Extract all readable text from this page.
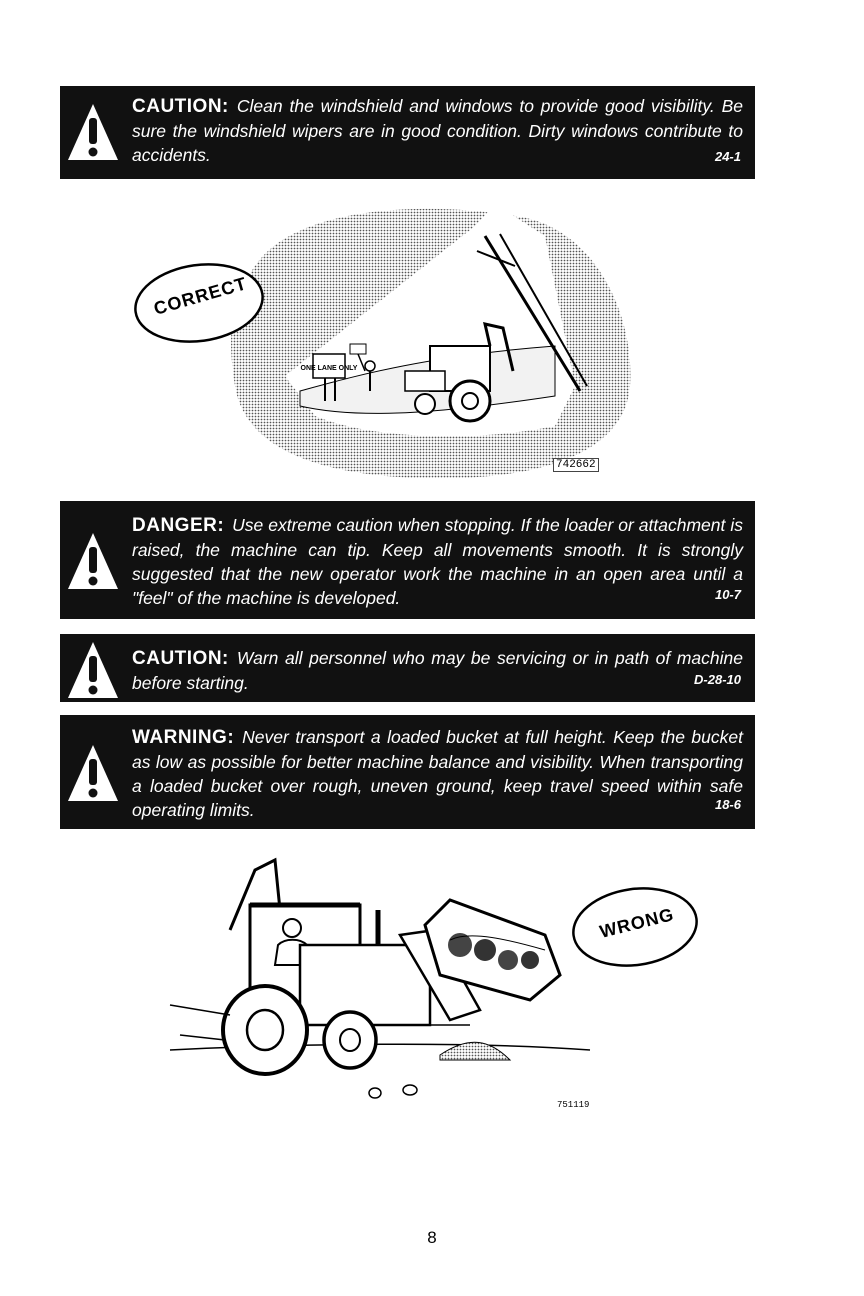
CAUTION: Clean the windshield and windows to provide good visibility. Be sure the windshield wipers are in good condition. Dirty windows contribute to accidents.	24-1
ONE LANE ONLY
CORRECT
742662
DANGER: Use extreme caution when stopping. If the loader or attachment is raised, the machine can tip. Keep all movements smooth. It is strongly suggested that the new operator work the machine in an open area until a "feel" of the machine is developed.	10-7
CAUTION: Warn all personnel who may be servicing or in path of machine before starting.	D-28-10
WARNING: Never transport a loaded bucket at full height. Keep the bucket as low as possible for better machine balance and visibility. When transporting a loaded bucket over rough, uneven ground, keep travel speed within safe operating limits.	18-6
WRONG
751119
8
